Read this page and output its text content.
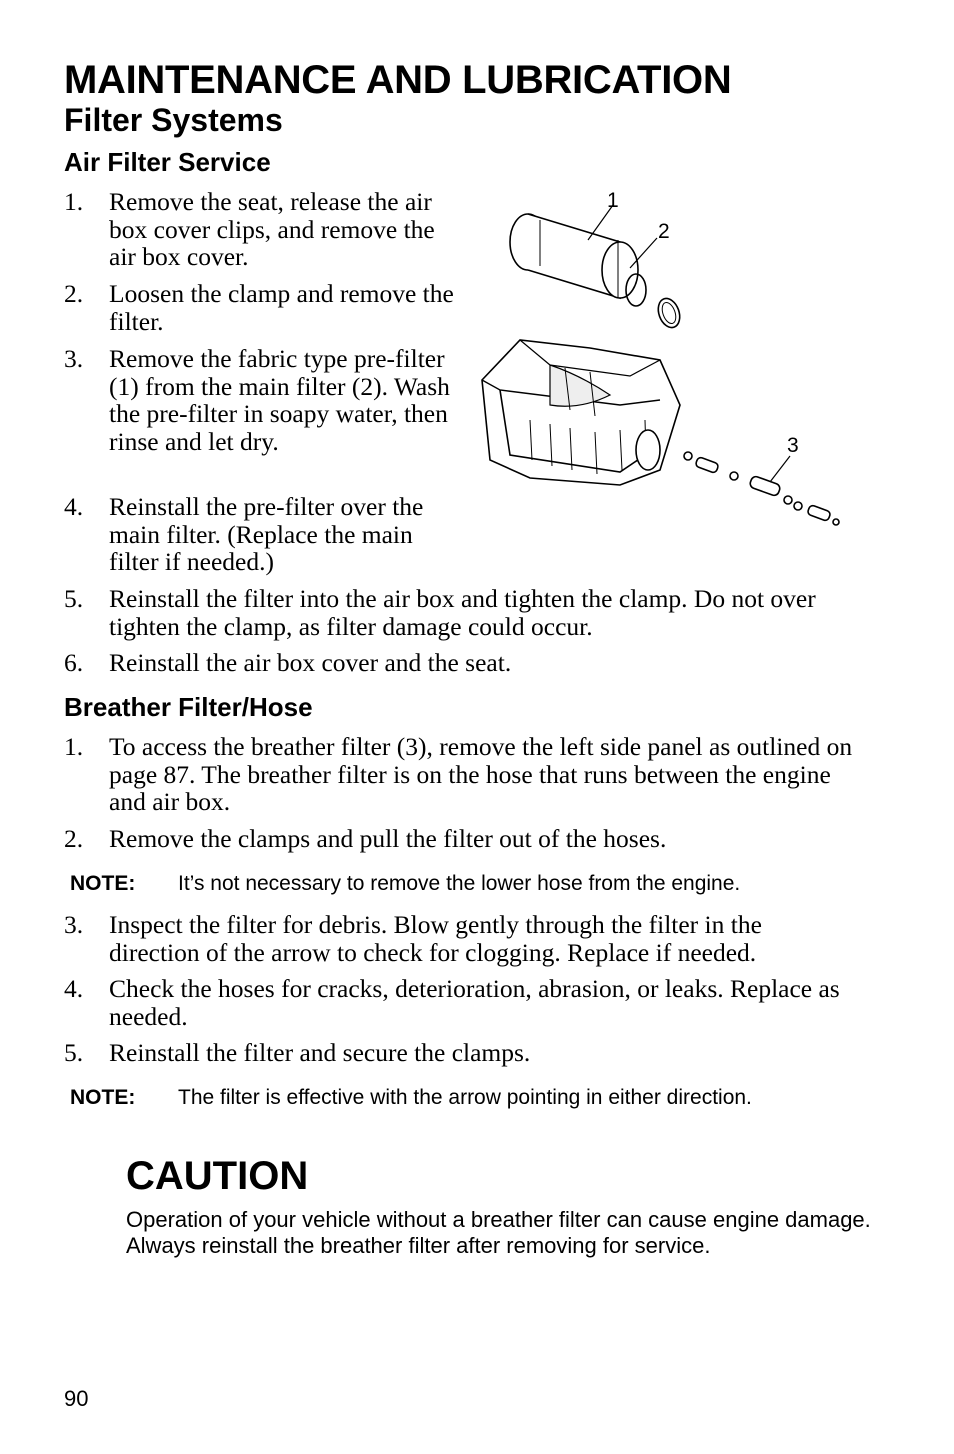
MAINTENANCE AND LUBRICATION
Filter Systems
Air Filter Service
1.	Remove the seat, release the air box cover clips, and remove the air box cover.
2.	Loosen the clamp and remove the filter.
3.	Remove the fabric type pre-filter (1) from the main filter (2). Wash the pre-filter in soapy water, then rinse and let dry.
4.	Reinstall the pre-filter over the main filter. (Replace the main filter if needed.)
5.	Reinstall the filter into the air box and tighten the clamp. Do not over tighten the clamp, as filter damage could occur.
6.	Reinstall the air box cover and the seat.
1
2
3
Breather Filter/Hose
1.	To access the breather filter (3), remove the left side panel as outlined on page 87. The breather filter is on the hose that runs between the engine and air box.
2.	Remove the clamps and pull the filter out of the hoses.
NOTE: It’s not necessary to remove the lower hose from the engine.
3.	Inspect the filter for debris. Blow gently through the filter in the direction of the arrow to check for clogging. Replace if needed.
4.	Check the hoses for cracks, deterioration, abrasion, or leaks. Replace as needed.
5.	Reinstall the filter and secure the clamps.
NOTE: The filter is effective with the arrow pointing in either direction.
CAUTION
Operation of your vehicle without a breather filter can cause engine damage. Always reinstall the breather filter after removing for service.
90
